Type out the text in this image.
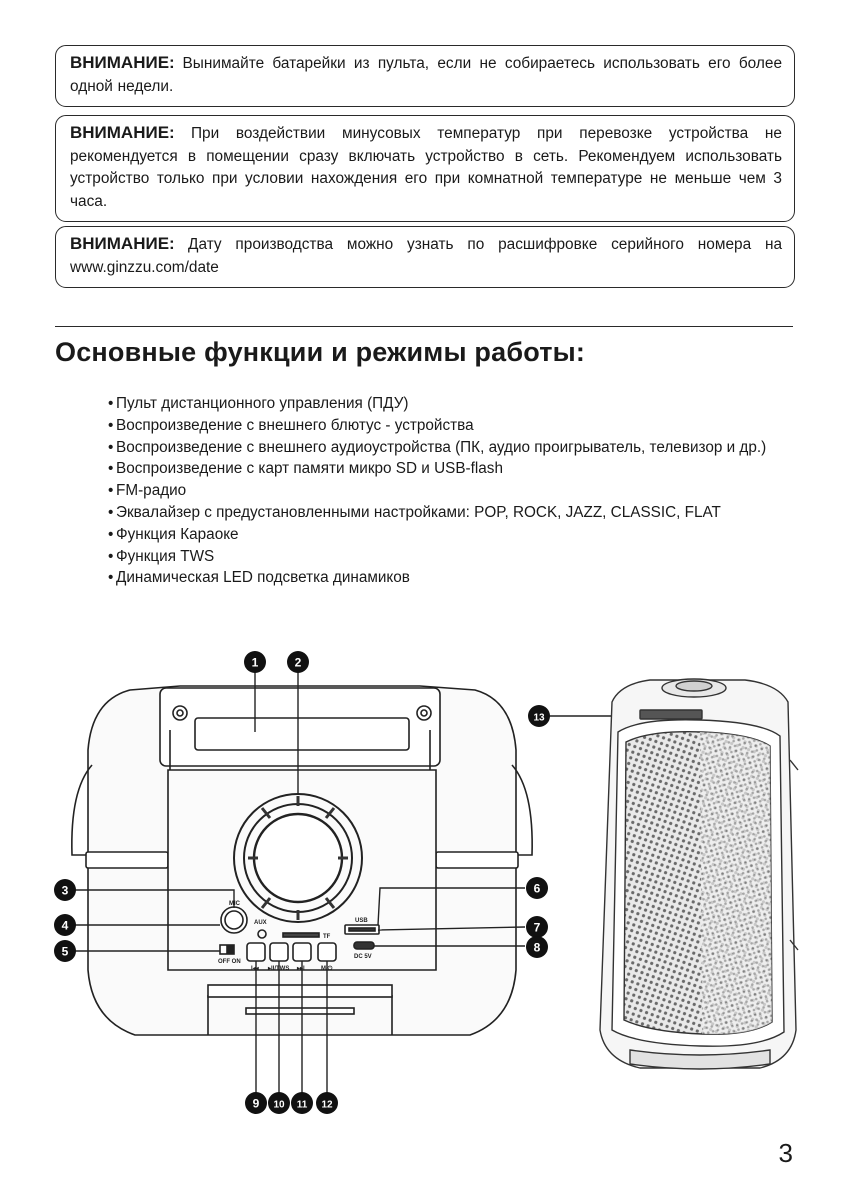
ВНИМАНИЕ: Вынимайте батарейки из пульта, если не собираетесь использовать его более одной недели.
ВНИМАНИЕ: При воздействии минусовых температур при перевозке устройства не рекомендуется в помещении сразу включать устройство в сеть. Рекомендуем использовать устройство только при условии нахождения его при комнатной температуре не меньше чем 3 часа.
ВНИМАНИЕ: Дату производства можно узнать по расшифровке серийного номера на www.ginzzu.com/date
Основные функции и режимы работы:
• Пульт дистанционного управления (ПДУ)
• Воспроизведение с внешнего блютус - устройства
• Воспроизведение с внешнего аудиоустройства (ПК, аудио проигрыватель, телевизор и др.)
• Воспроизведение с карт памяти микро SD и USB-flash
• FM-радио
• Эквалайзер с предустановленными настройками: POP, ROCK, JAZZ, CLASSIC, FLAT
• Функция Караоке
• Функция TWS
• Динамическая LED подсветка динамиков
MIC
AUX
TF
USB
DC 5V
OFF ON
I◂◂ ▸II/TWS ▸▸I	M/⏻
1	2
3
4
5
6
7
8
9 10 11 12
13
3
